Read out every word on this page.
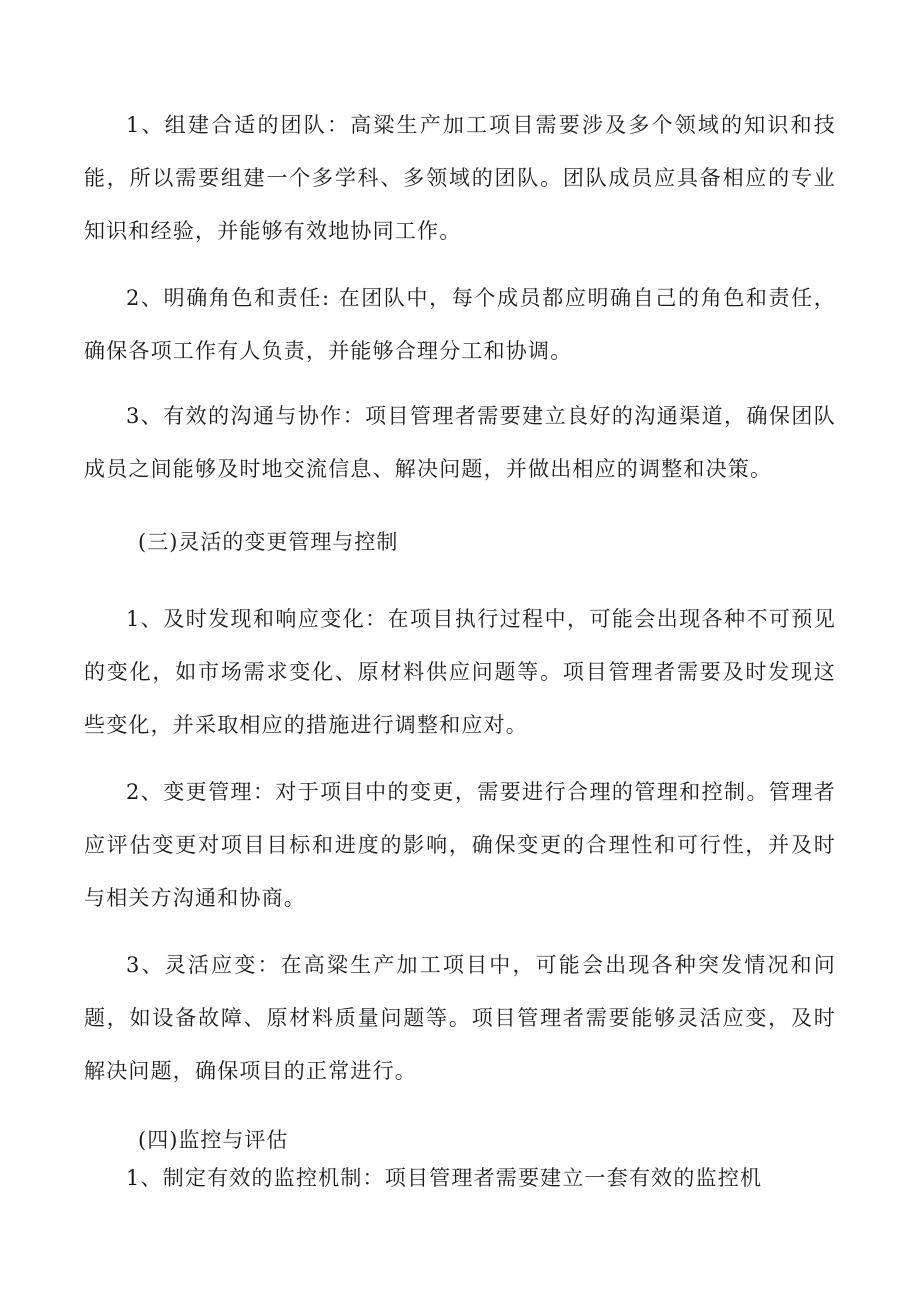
1、组建合适的团队：高粱生产加工项目需要涉及多个领域的知识和技能，所以需要组建一个多学科、多领域的团队。团队成员应具备相应的专业知识和经验，并能够有效地协同工作。

2、明确角色和责任: 在团队中，每个成员都应明确自己的角色和责任，确保各项工作有人负责，并能够合理分工和协调。

3、有效的沟通与协作：项目管理者需要建立良好的沟通渠道，确保团队成员之间能够及时地交流信息、解决问题，并做出相应的调整和决策。

(三)灵活的变更管理与控制

1、及时发现和响应变化：在项目执行过程中，可能会出现各种不可预见的变化，如市场需求变化、原材料供应问题等。项目管理者需要及时发现这些变化，并采取相应的措施进行调整和应对。

2、变更管理：对于项目中的变更，需要进行合理的管理和控制。管理者应评估变更对项目目标和进度的影响，确保变更的合理性和可行性，并及时与相关方沟通和协商。

3、灵活应变：在高粱生产加工项目中，可能会出现各种突发情况和问题，如设备故障、原材料质量问题等。项目管理者需要能够灵活应变，及时解决问题，确保项目的正常进行。

(四)监控与评估

1、制定有效的监控机制：项目管理者需要建立一套有效的监控机
